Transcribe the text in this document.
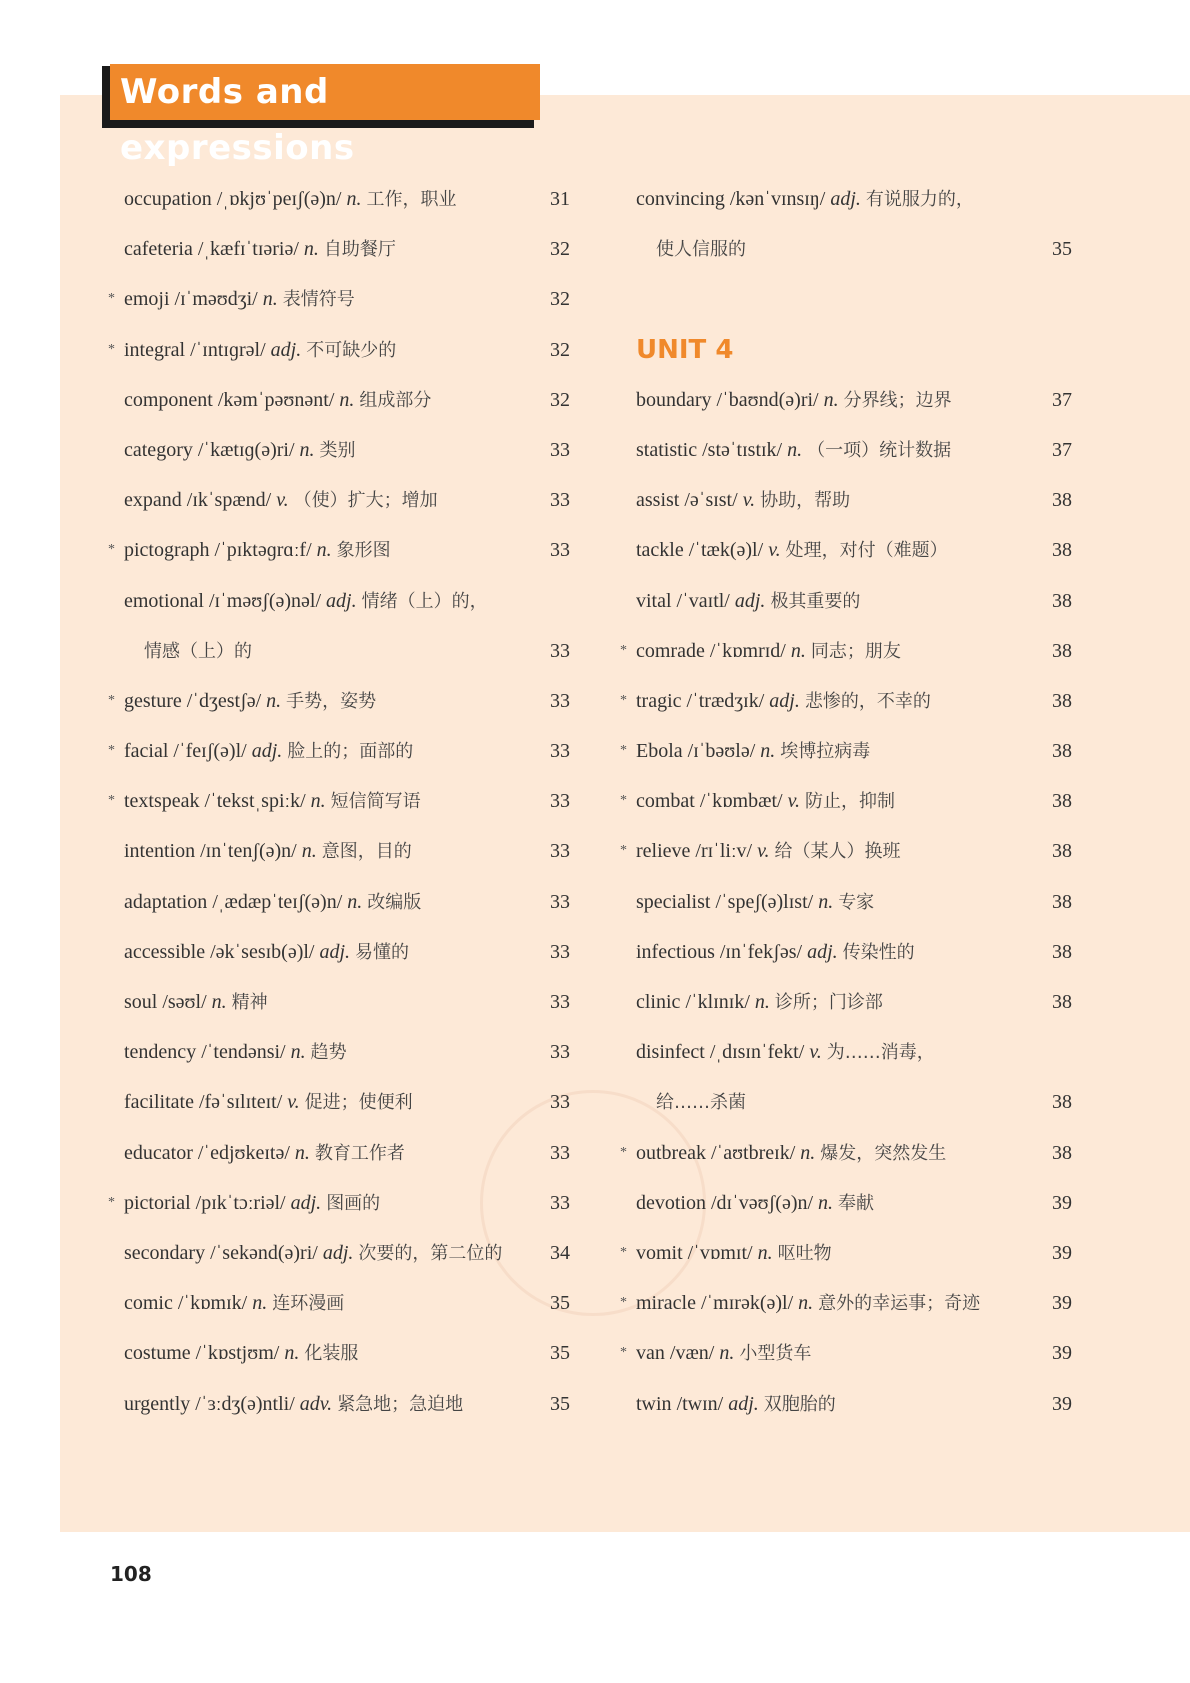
Words and expressions
occupation /ˌɒkjʊˈpeɪʃ(ə)n/ n. 工作，职业	31
cafeteria /ˌkæfɪˈtɪəriə/ n. 自助餐厅	32
* emoji /ɪˈməʊdʒi/ n. 表情符号	32
* integral /ˈɪntɪɡrəl/ adj. 不可缺少的	32
component /kəmˈpəʊnənt/ n. 组成部分	32
category /ˈkætɪɡ(ə)ri/ n. 类别	33
expand /ɪkˈspænd/ v. （使）扩大；增加	33
* pictograph /ˈpɪktəɡrɑːf/ n. 象形图	33
emotional /ɪˈməʊʃ(ə)nəl/ adj. 情绪（上）的，
情感（上）的	33
* gesture /ˈdʒestʃə/ n. 手势，姿势	33
* facial /ˈfeɪʃ(ə)l/ adj. 脸上的；面部的	33
* textspeak /ˈtekstˌspiːk/ n. 短信简写语	33
intention /ɪnˈtenʃ(ə)n/ n. 意图，目的	33
adaptation /ˌædæpˈteɪʃ(ə)n/ n. 改编版	33
accessible /əkˈsesɪb(ə)l/ adj. 易懂的	33
soul /səʊl/ n. 精神	33
tendency /ˈtendənsi/ n. 趋势	33
facilitate /fəˈsɪlɪteɪt/ v. 促进；使便利	33
educator /ˈedjʊkeɪtə/ n. 教育工作者	33
* pictorial /pɪkˈtɔːriəl/ adj. 图画的	33
secondary /ˈsekənd(ə)ri/ adj. 次要的，第二位的 34
comic /ˈkɒmɪk/ n. 连环漫画	35
costume /ˈkɒstjʊm/ n. 化装服	35
urgently /ˈɜːdʒ(ə)ntli/ adv. 紧急地；急迫地	35
convincing /kənˈvɪnsɪŋ/ adj. 有说服力的，
使人信服的	35
UNIT 4
boundary /ˈbaʊnd(ə)ri/ n. 分界线；边界	37
statistic /stəˈtɪstɪk/ n. （一项）统计数据	37
assist /əˈsɪst/ v. 协助，帮助	38
tackle /ˈtæk(ə)l/ v. 处理，对付（难题）	38
vital /ˈvaɪtl/ adj. 极其重要的	38
* comrade /ˈkɒmrɪd/ n. 同志；朋友	38
* tragic /ˈtrædʒɪk/ adj. 悲惨的，不幸的	38
* Ebola /ɪˈbəʊlə/ n. 埃博拉病毒	38
* combat /ˈkɒmbæt/ v. 防止，抑制	38
* relieve /rɪˈliːv/ v. 给（某人）换班	38
specialist /ˈspeʃ(ə)lɪst/ n. 专家	38
infectious /ɪnˈfekʃəs/ adj. 传染性的	38
clinic /ˈklɪnɪk/ n. 诊所；门诊部	38
disinfect /ˌdɪsɪnˈfekt/ v. 为……消毒，
给……杀菌	38
* outbreak /ˈaʊtbreɪk/ n. 爆发，突然发生	38
devotion /dɪˈvəʊʃ(ə)n/ n. 奉献	39
* vomit /ˈvɒmɪt/ n. 呕吐物	39
* miracle /ˈmɪrək(ə)l/ n. 意外的幸运事；奇迹	39
* van /væn/ n. 小型货车	39
twin /twɪn/ adj. 双胞胎的	39
108
